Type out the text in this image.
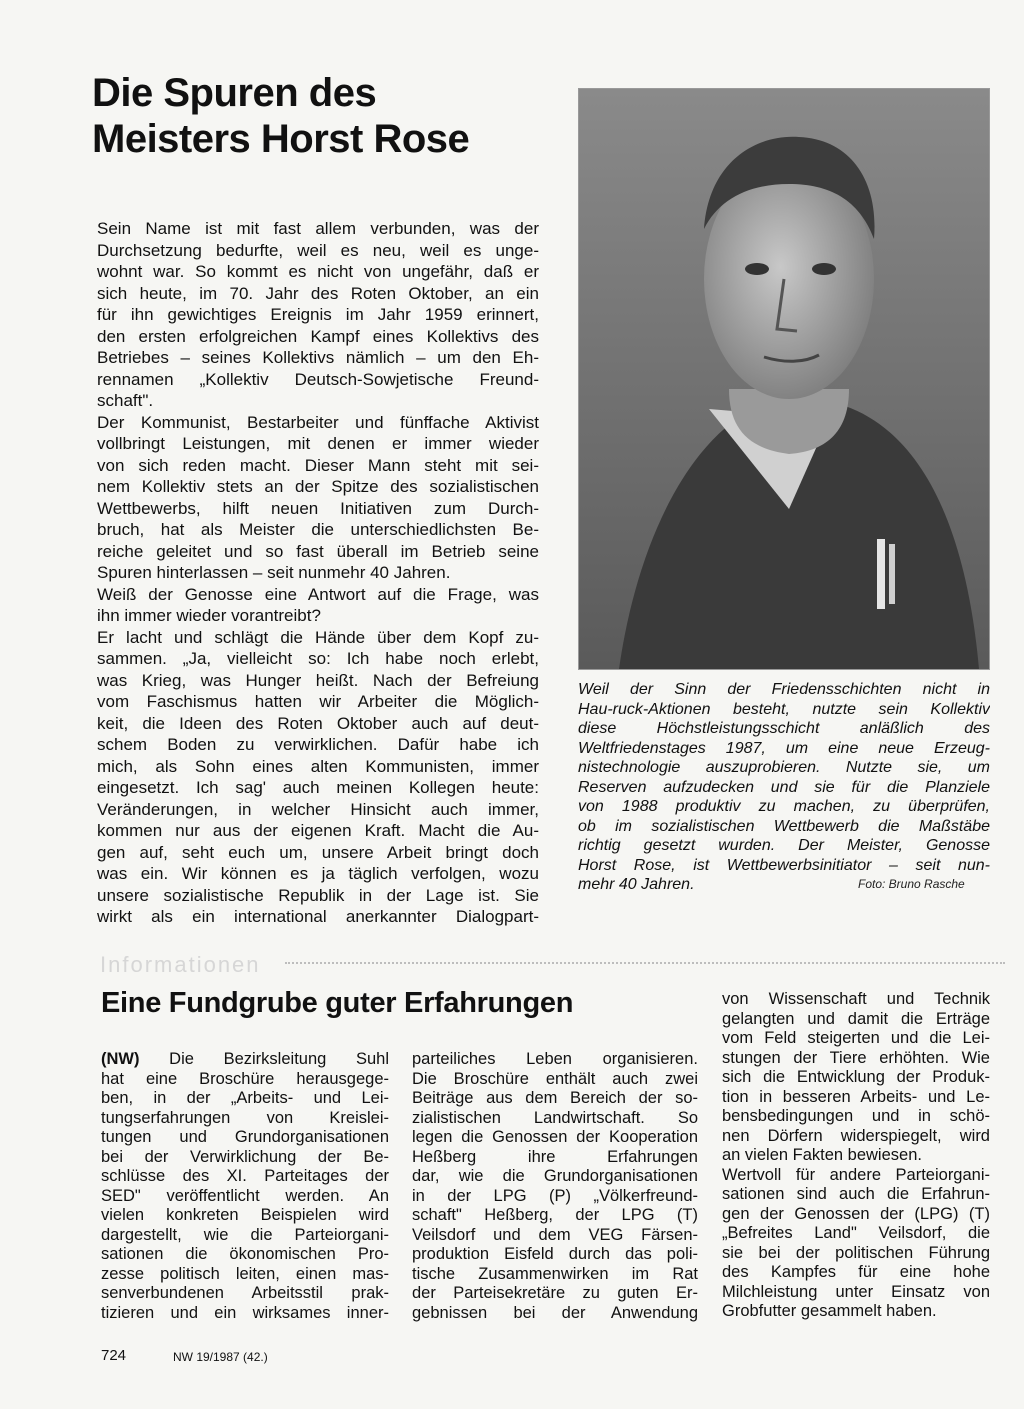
Die Spuren des
Meisters Horst Rose
Sein Name ist mit fast allem verbunden, was der
Durchsetzung bedurfte, weil es neu, weil es unge-
wohnt war. So kommt es nicht von ungefähr, daß er
sich heute, im 70. Jahr des Roten Oktober, an ein
für ihn gewichtiges Ereignis im Jahr 1959 erinnert,
den ersten erfolgreichen Kampf eines Kollektivs des
Betriebes – seines Kollektivs nämlich – um den Eh-
rennamen „Kollektiv Deutsch-Sowjetische Freund-
schaft".
Der Kommunist, Bestarbeiter und fünffache Aktivist
vollbringt Leistungen, mit denen er immer wieder
von sich reden macht. Dieser Mann steht mit sei-
nem Kollektiv stets an der Spitze des sozialistischen
Wettbewerbs, hilft neuen Initiativen zum Durch-
bruch, hat als Meister die unterschiedlichsten Be-
reiche geleitet und so fast überall im Betrieb seine
Spuren hinterlassen – seit nunmehr 40 Jahren.
Weiß der Genosse eine Antwort auf die Frage, was
ihn immer wieder vorantreibt?
Er lacht und schlägt die Hände über dem Kopf zu-
sammen. „Ja, vielleicht so: Ich habe noch erlebt,
was Krieg, was Hunger heißt. Nach der Befreiung
vom Faschismus hatten wir Arbeiter die Möglich-
keit, die Ideen des Roten Oktober auch auf deut-
schem Boden zu verwirklichen. Dafür habe ich
mich, als Sohn eines alten Kommunisten, immer
eingesetzt. Ich sag' auch meinen Kollegen heute:
Veränderungen, in welcher Hinsicht auch immer,
kommen nur aus der eigenen Kraft. Macht die Au-
gen auf, seht euch um, unsere Arbeit bringt doch
was ein. Wir können es ja täglich verfolgen, wozu
unsere sozialistische Republik in der Lage ist. Sie
wirkt als ein international anerkannter Dialogpart-
Weil der Sinn der Friedensschichten nicht in
Hau-ruck-Aktionen besteht, nutzte sein Kollektiv
diese Höchstleistungsschicht anläßlich des
Weltfriedenstages 1987, um eine neue Erzeug-
nistechnologie auszuprobieren. Nutzte sie, um
Reserven aufzudecken und sie für die Planziele
von 1988 produktiv zu machen, zu überprüfen,
ob im sozialistischen Wettbewerb die Maßstäbe
richtig gesetzt wurden. Der Meister, Genosse
Horst Rose, ist Wettbewerbsinitiator – seit nun-
mehr 40 Jahren.	Foto: Bruno Rasche
Informationen
Eine Fundgrube guter Erfahrungen
(NW) Die Bezirksleitung Suhl
hat eine Broschüre herausgege-
ben, in der „Arbeits- und Lei-
tungserfahrungen von Kreislei-
tungen und Grundorganisationen
bei der Verwirklichung der Be-
schlüsse des XI. Parteitages der
SED" veröffentlicht werden. An
vielen konkreten Beispielen wird
dargestellt, wie die Parteiorgani-
sationen die ökonomischen Pro-
zesse politisch leiten, einen mas-
senverbundenen Arbeitsstil prak-
tizieren und ein wirksames inner-
parteiliches Leben organisieren.
Die Broschüre enthält auch zwei
Beiträge aus dem Bereich der so-
zialistischen Landwirtschaft. So
legen die Genossen der Kooperation
Heßberg ihre Erfahrungen
dar, wie die Grundorganisationen
in der LPG (P) „Völkerfreund-
schaft" Heßberg, der LPG (T)
Veilsdorf und dem VEG Färsen-
produktion Eisfeld durch das poli-
tische Zusammenwirken im Rat
der Parteisekretäre zu guten Er-
gebnissen bei der Anwendung
von Wissenschaft und Technik
gelangten und damit die Erträge
vom Feld steigerten und die Lei-
stungen der Tiere erhöhten. Wie
sich die Entwicklung der Produk-
tion in besseren Arbeits- und Le-
bensbedingungen und in schö-
nen Dörfern widerspiegelt, wird
an vielen Fakten bewiesen.
Wertvoll für andere Parteiorgani-
sationen sind auch die Erfahrun-
gen der Genossen der (LPG) (T)
„Befreites Land" Veilsdorf, die
sie bei der politischen Führung
des Kampfes für eine hohe
Milchleistung unter Einsatz von
Grobfutter gesammelt haben.
724	NW 19/1987 (42.)
